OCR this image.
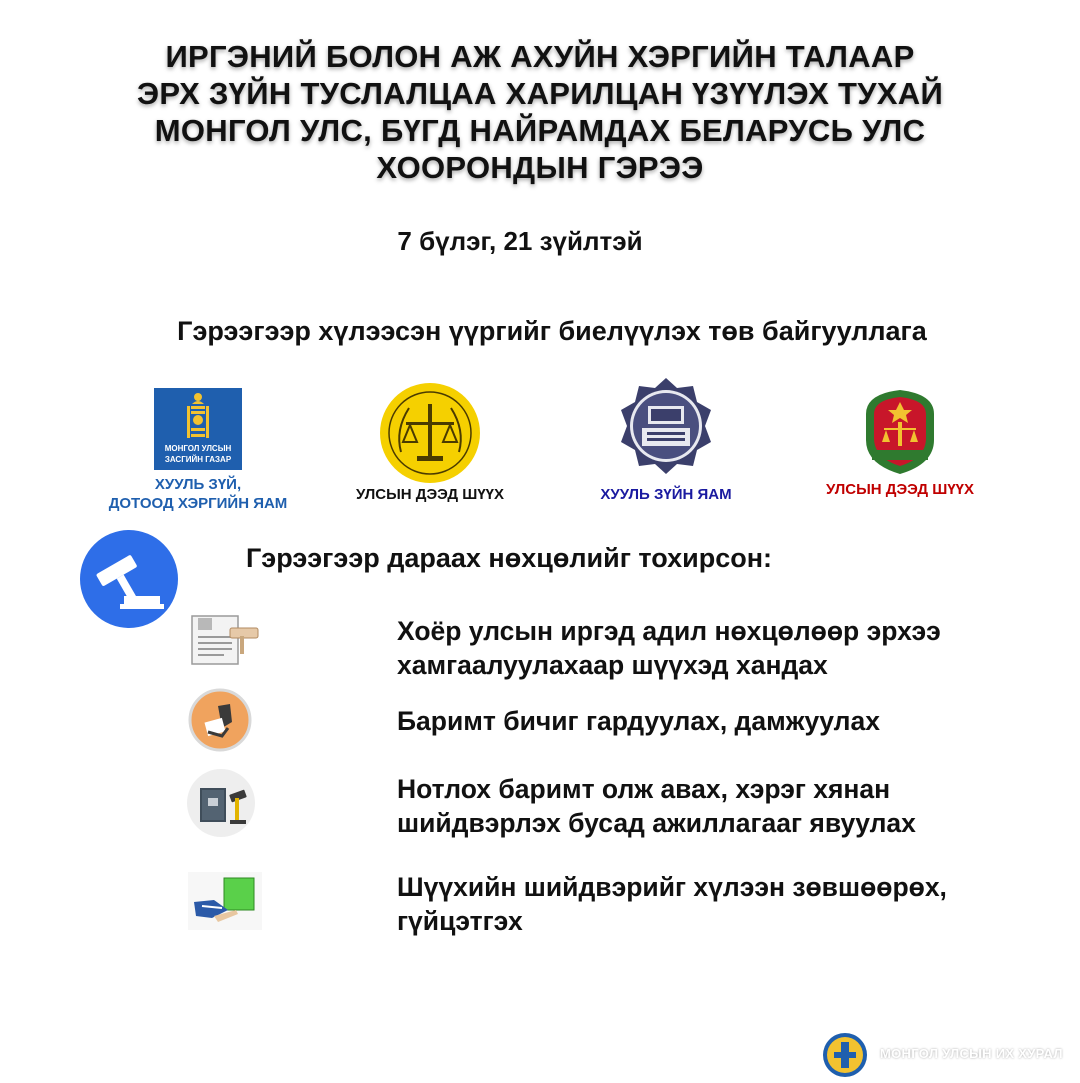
ИРГЭНИЙ БОЛОН АЖ АХУЙН ХЭРГИЙН ТАЛААР
ЭРХ ЗҮЙН ТУСЛАЛЦАА ХАРИЛЦАН ҮЗҮҮЛЭХ ТУХАЙ
МОНГОЛ УЛС, БҮГД НАЙРАМДАХ БЕЛАРУСЬ УЛС
ХООРОНДЫН ГЭРЭЭ
7 бүлэг, 21 зүйлтэй
Гэрээгээр хүлээсэн үүргийг биелүүлэх төв байгууллага
МОНГОЛ УЛСЫН
ЗАСГИЙН ГАЗАР
ХУУЛЬ ЗҮЙ,
ДОТООД ХЭРГИЙН ЯАМ
УЛСЫН ДЭЭД ШҮҮХ	ХУУЛЬ ЗҮЙН ЯАМ	УЛСЫН ДЭЭД ШҮҮХ
Гэрээгээр дараах нөхцөлийг тохирсон:
Хоёр улсын иргэд адил нөхцөлөөр эрхээ
хамгаалуулахаар шүүхэд хандах
Баримт бичиг гардуулах, дамжуулах
Нотлох баримт олж авах, хэрэг хянан
шийдвэрлэх бусад ажиллагааг явуулах
Шүүхийн шийдвэрийг хүлээн зөвшөөрөх,
гүйцэтгэх
МОНГОЛ УЛСЫН ИХ ХУРАЛ
